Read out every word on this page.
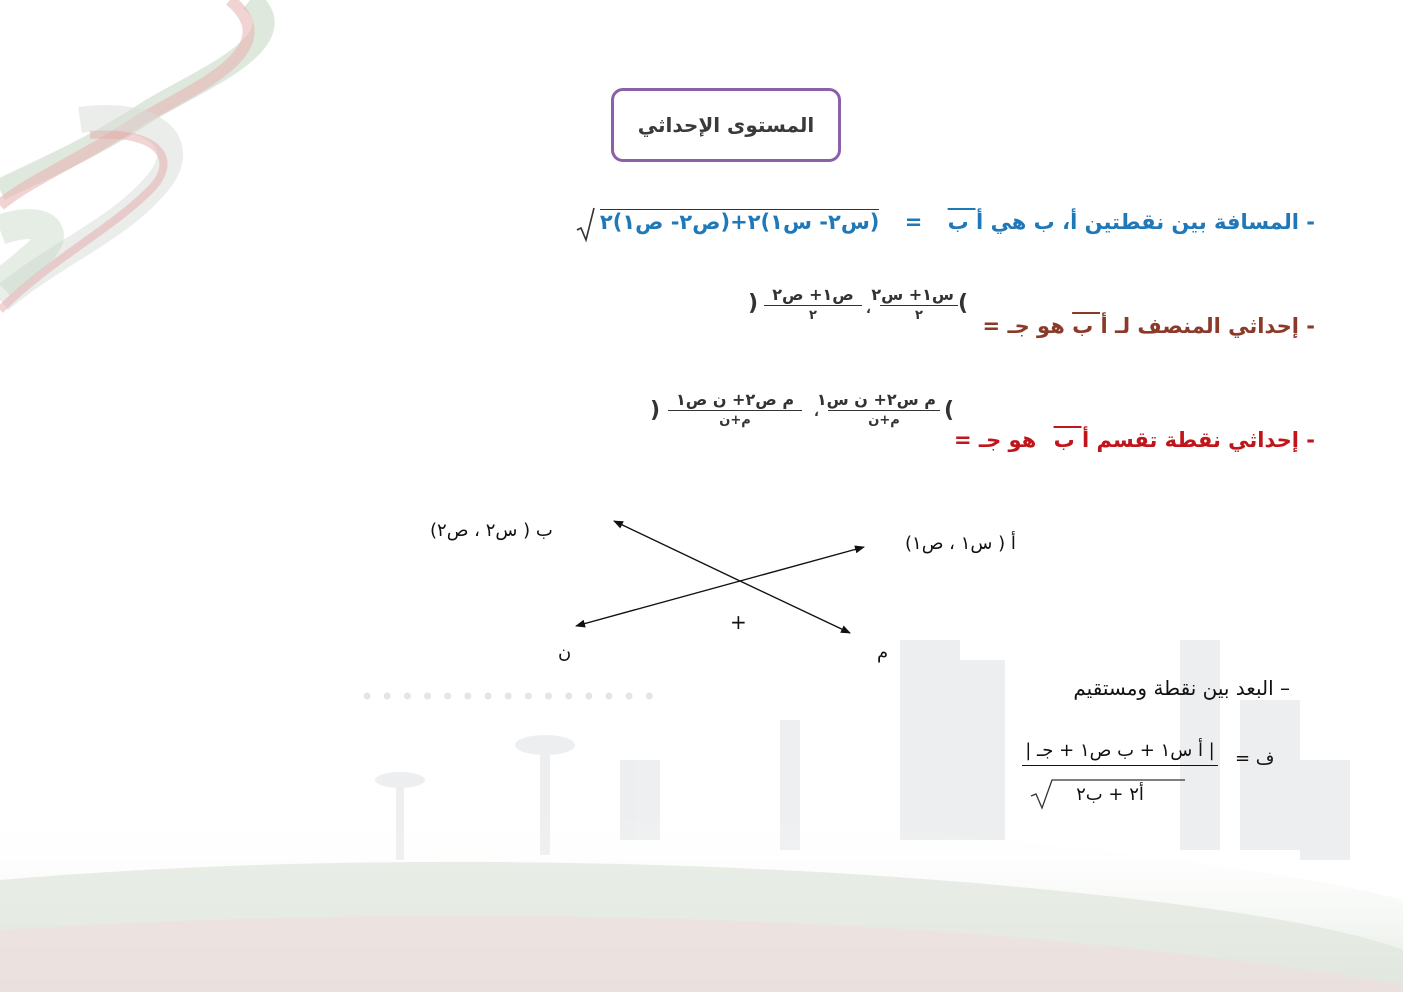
•••••••••••••••
المستوى الإحداثي
- المسافة بين نقطتين أ، ب هي أ ب = (س٢- س١)٢+(ص٢- ص١)٢
- إحداثي المنصف لـ أ ب هو جـ =
(
س١+ س٢
٢
،
ص١+ ص٢
٢
)
- إحداثي نقطة تقسم أ ب هو جـ =
(
م س٢+ ن س١
م+ن
،
م ص٢+ ن ص١
م+ن
)
ب ( س٢ ، ص٢)
أ ( س١ ، ص١)
ن	م
+
– البعد بين نقطة ومستقيم
ف =
| أ س١ + ب ص١ + جـ |
أ٢ + ب٢
